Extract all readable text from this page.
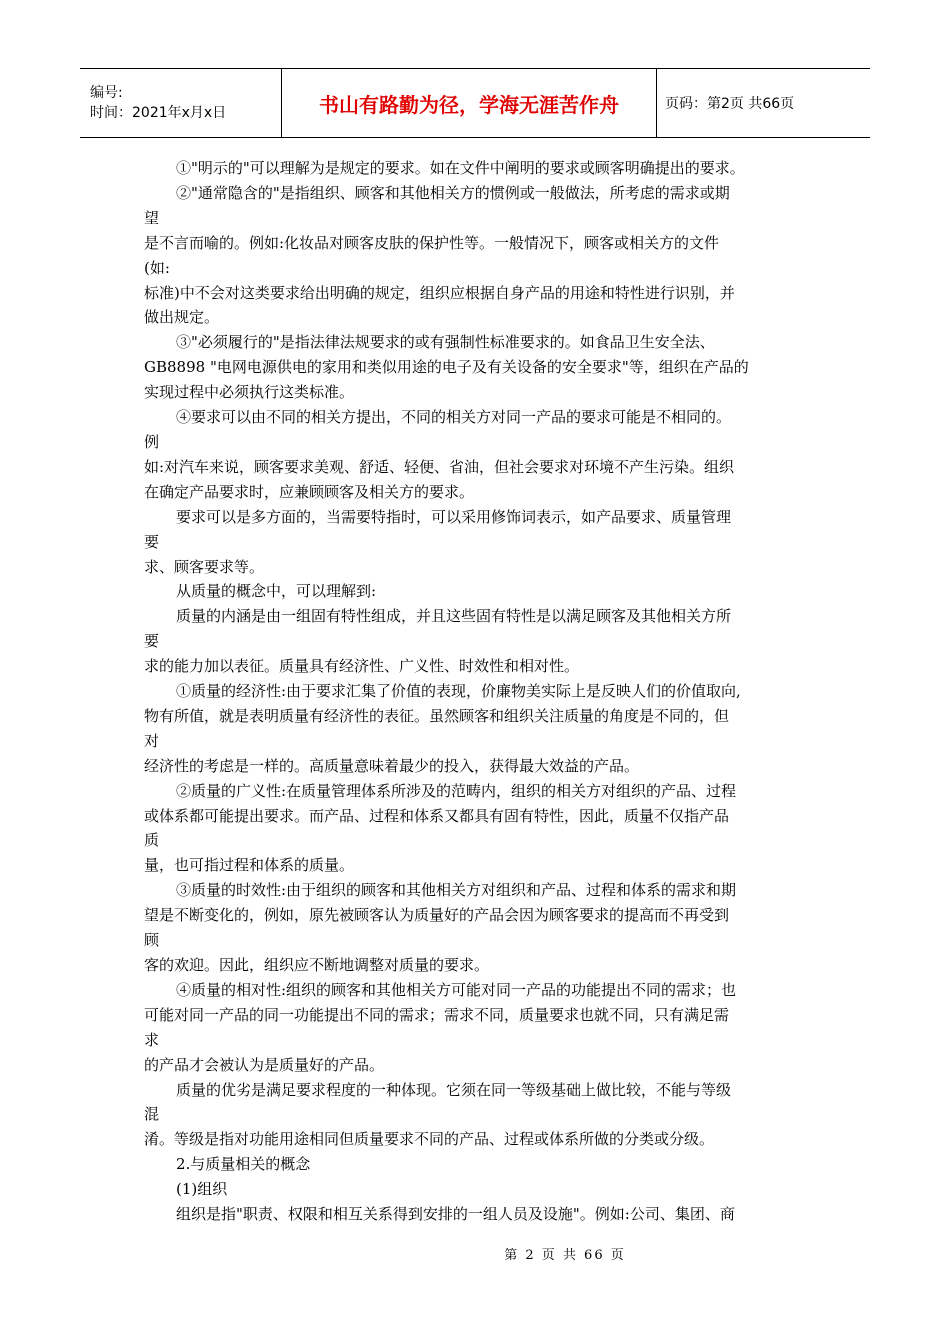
编号:
时间：2021年x月x日	书山有路勤为径，学海无涯苦作舟	页码：第2页 共66页

①"明示的"可以理解为是规定的要求。如在文件中阐明的要求或顾客明确提出的要求。

②"通常隐含的"是指组织、顾客和其他相关方的惯例或一般做法，所考虑的需求或期

望

是不言而喻的。例如:化妆品对顾客皮肤的保护性等。一般情况下，顾客或相关方的文件

(如:

标准)中不会对这类要求给出明确的规定，组织应根据自身产品的用途和特性进行识别，并

做出规定。

③"必须履行的"是指法律法规要求的或有强制性标准要求的。如食品卫生安全法、

GB8898 "电网电源供电的家用和类似用途的电子及有关设备的安全要求"等，组织在产品的

实现过程中必须执行这类标准。

④要求可以由不同的相关方提出，不同的相关方对同一产品的要求可能是不相同的。

例

如:对汽车来说，顾客要求美观、舒适、轻便、省油，但社会要求对环境不产生污染。组织

在确定产品要求时，应兼顾顾客及相关方的要求。

要求可以是多方面的，当需要特指时，可以采用修饰词表示，如产品要求、质量管理

要

求、顾客要求等。

从质量的概念中，可以理解到:

质量的内涵是由一组固有特性组成，并且这些固有特性是以满足顾客及其他相关方所

要

求的能力加以表征。质量具有经济性、广义性、时效性和相对性。

①质量的经济性:由于要求汇集了价值的表现，价廉物美实际上是反映人们的价值取向,

物有所值，就是表明质量有经济性的表征。虽然顾客和组织关注质量的角度是不同的，但

对

经济性的考虑是一样的。高质量意味着最少的投入，获得最大效益的产品。

②质量的广义性:在质量管理体系所涉及的范畴内，组织的相关方对组织的产品、过程

或体系都可能提出要求。而产品、过程和体系又都具有固有特性，因此，质量不仅指产品

质

量，也可指过程和体系的质量。

③质量的时效性:由于组织的顾客和其他相关方对组织和产品、过程和体系的需求和期

望是不断变化的，例如，原先被顾客认为质量好的产品会因为顾客要求的提高而不再受到

顾

客的欢迎。因此，组织应不断地调整对质量的要求。

④质量的相对性:组织的顾客和其他相关方可能对同一产品的功能提出不同的需求；也

可能对同一产品的同一功能提出不同的需求；需求不同，质量要求也就不同，只有满足需

求

的产品才会被认为是质量好的产品。

质量的优劣是满足要求程度的一种体现。它须在同一等级基础上做比较，不能与等级

混

淆。等级是指对功能用途相同但质量要求不同的产品、过程或体系所做的分类或分级。

2.与质量相关的概念

(1)组织

组织是指"职责、权限和相互关系得到安排的一组人员及设施"。例如:公司、集团、商

第 2 页 共 66 页
